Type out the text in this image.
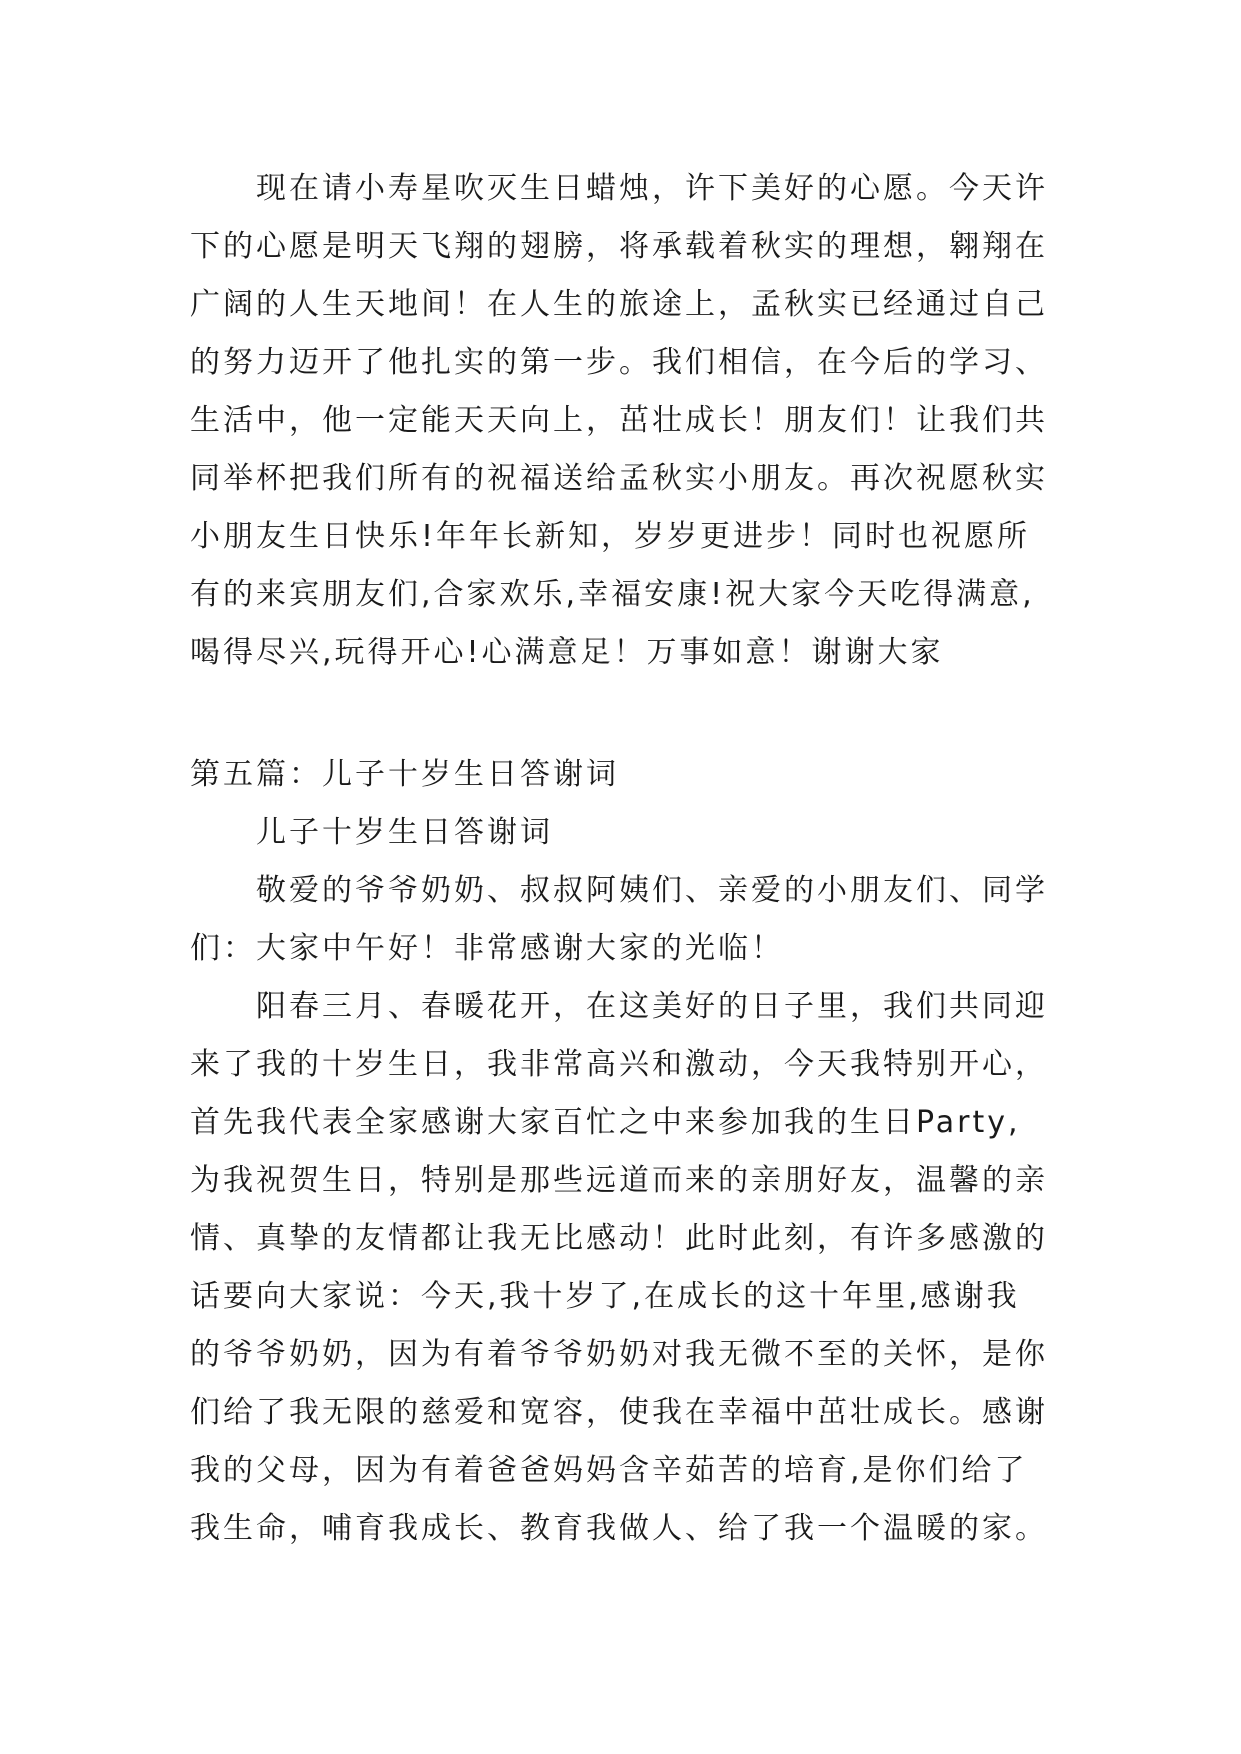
现在请小寿星吹灭生日蜡烛，许下美好的心愿。今天许
下的心愿是明天飞翔的翅膀，将承载着秋实的理想，翱翔在
广阔的人生天地间！在人生的旅途上，孟秋实已经通过自己
的努力迈开了他扎实的第一步。我们相信，在今后的学习、
生活中，他一定能天天向上，茁壮成长！朋友们！让我们共
同举杯把我们所有的祝福送给孟秋实小朋友。再次祝愿秋实
小朋友生日快乐!年年长新知，岁岁更进步！同时也祝愿所
有的来宾朋友们,合家欢乐,幸福安康!祝大家今天吃得满意,
喝得尽兴,玩得开心!心满意足！万事如意！谢谢大家
第五篇：儿子十岁生日答谢词
儿子十岁生日答谢词
敬爱的爷爷奶奶、叔叔阿姨们、亲爱的小朋友们、同学
们：大家中午好！非常感谢大家的光临！
阳春三月、春暖花开，在这美好的日子里，我们共同迎
来了我的十岁生日，我非常高兴和激动，今天我特别开心，
首先我代表全家感谢大家百忙之中来参加我的生日Party,
为我祝贺生日，特别是那些远道而来的亲朋好友，温馨的亲
情、真挚的友情都让我无比感动！此时此刻，有许多感激的
话要向大家说：今天,我十岁了,在成长的这十年里,感谢我
的爷爷奶奶，因为有着爷爷奶奶对我无微不至的关怀，是你
们给了我无限的慈爱和宽容，使我在幸福中茁壮成长。感谢
我的父母，因为有着爸爸妈妈含辛茹苦的培育,是你们给了
我生命，哺育我成长、教育我做人、给了我一个温暖的家。
